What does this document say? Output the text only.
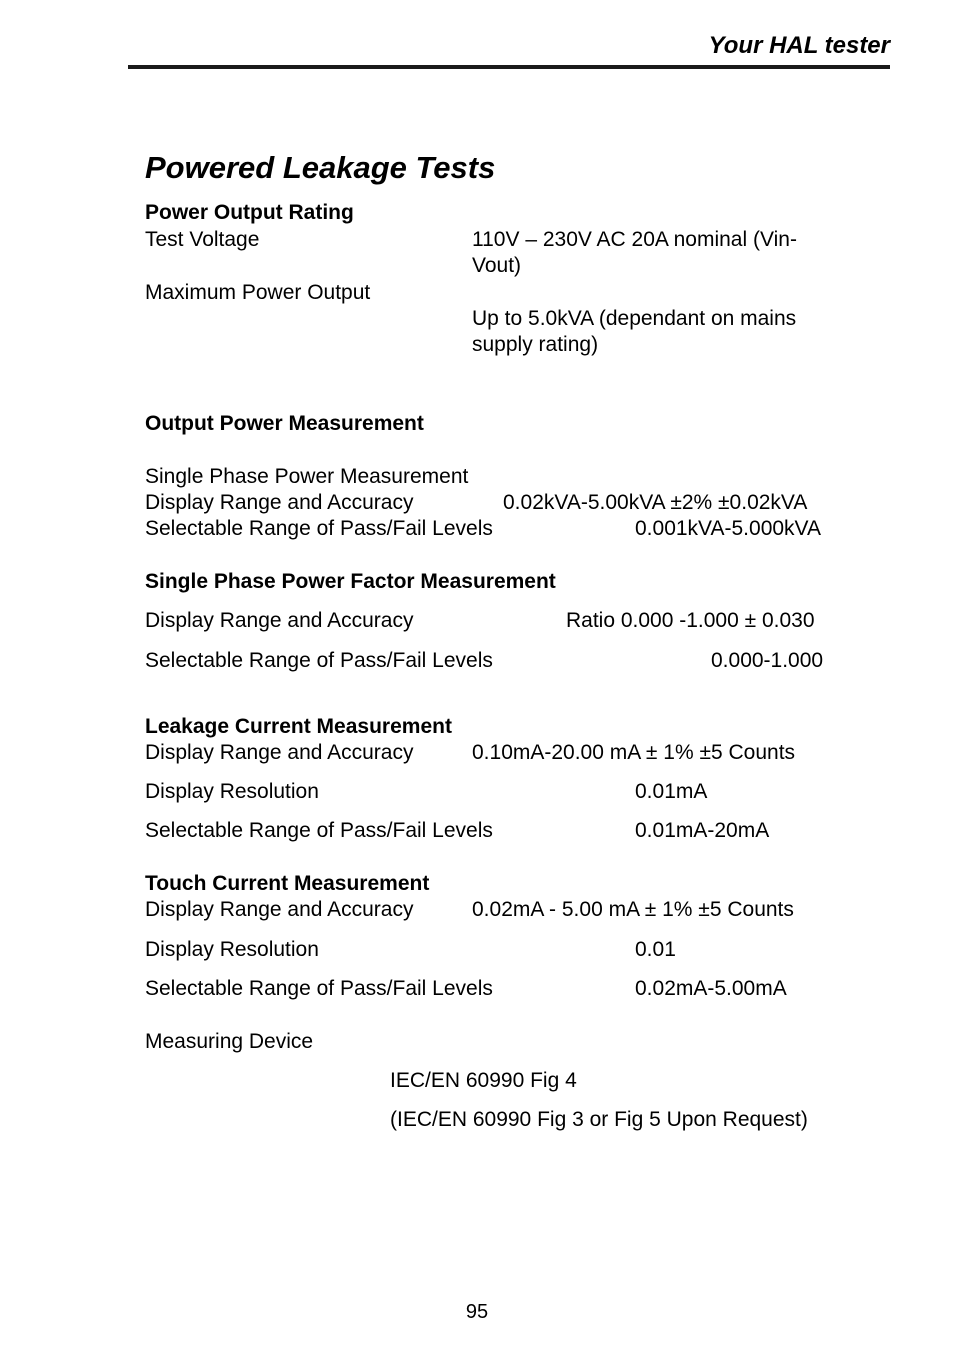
Your HAL tester
Powered Leakage Tests
Power Output Rating
Test Voltage	110V – 230V AC 20A nominal (Vin-Vout)
Maximum Power Output
Up to 5.0kVA (dependant on mains supply rating)
Output Power Measurement
Single Phase Power Measurement
Display Range and Accuracy	0.02kVA-5.00kVA ±2% ±0.02kVA
Selectable Range of Pass/Fail Levels	0.001kVA-5.000kVA
Single Phase Power Factor Measurement
Display Range and Accuracy	Ratio 0.000 -1.000 ± 0.030
Selectable Range of Pass/Fail Levels	0.000-1.000
Leakage Current Measurement
Display Range and Accuracy	0.10mA-20.00 mA ± 1% ±5 Counts
Display Resolution	0.01mA
Selectable Range of Pass/Fail Levels	0.01mA-20mA
Touch Current Measurement
Display Range and Accuracy	0.02mA - 5.00 mA ± 1% ±5 Counts
Display Resolution	0.01
Selectable Range of Pass/Fail Levels	0.02mA-5.00mA
Measuring Device
IEC/EN 60990 Fig 4
(IEC/EN 60990 Fig 3 or Fig 5 Upon Request)
95
